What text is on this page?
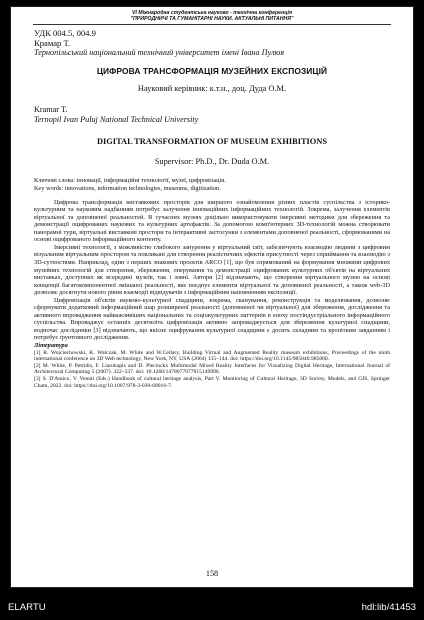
VІ Міжнародна студентська науково - технічна конференція
"ПРИРОДНИЧІ ТА ГУМАНІТАРНІ НАУКИ. АКТУАЛЬНІ ПИТАННЯ"
УДК 004.5, 004.9
Крамар Т.
Тернопільський національний технічний університет імені Івана Пулюя
ЦИФРОВА ТРАНСФОРМАЦІЯ МУЗЕЙНИХ ЕКСПОЗИЦІЙ
Науковий керівник: к.т.н., доц. Дуда О.М.
Kramar T.
Ternopil Ivan Puluj National Technical University
DIGITAL TRANSFORMATION OF MUSEUM EXHIBITIONS
Supervisor: Ph.D., Dr. Duda O.M.
Ключові слова: інновації, інформаційні технології, музеї, цифровізація.
Key words: innovations, information technologies, museums, digitization.

Цифрова трансформація виставкових просторів для ширшого ознайомлення різних пластів суспільства з історико-культурним та науковим надбанням потребує залучення інноваційних інформаційних технологій. Зокрема, залучення елементів віртуальної та доповненої реальностей. В сучасних музеях доцільно використовувати імерсивні методики для збереження та демонстрації оцифрованих наукових та культурних артефактів. За допомогою комп'ютерних 3D-технологій можна створювати панорамні тури, віртуальні виставкові простори та інтерактивні застосунки з елементами доповненої реальності, сформованими на основі оцифрованого інформаційного контенту.

Імерсивні технології, з можливістю глибокого занурення у віртуальний світ, забезпечують взаємодію людини з цифровим візуальним віртуальним простором та покликані для створення реалістичних ефектів присутності через сприймання та взаємодію з 3D-сутностями. Наприклад, один з перших знакових проєктів ARCO [1], що був спрямований на формування множини цифрових музейних технологій для створення, збереження, оперування та демонстрації оцифрованих культурних об'єктів на віртуальних виставках, доступних як всередині музеїв, так і зовні. Автори [2] відзначають, що створення віртуального музею на основі концепції багатокомпонентної змішаної реальності, яке поєднує елементи віртуальної та доповненої реальності, а також web-3D дозволяє досягнути нового рівня взаємодії відвідувачів з інформаційним наповненням експозиції.

Цифровізація об'єктів науково-культурної спадщини, зокрема, сканування, реконструкція та моделювання, дозволяє сформувати додатковий інформаційний шар розширеної реальності (доповненої чи віртуальної) для збереження, дослідження та активного впровадження найважливіших національних та соціокультурних паттернів в епоху постіндустріального інформаційного суспільства. Впроваджує останніх десятиліть цифровізація активно запроваджується для збереження культурної спадщини, водночас дослідники [3] відзначають, що якісне оцифрування культурної спадщини є досить складним та кропітким завданням і потребує ґрунтовного дослідження.

Література

[1] R. Wojciechowski, K. Walczak, M. White and W.Cellary, Building Virtual and Augmented Reality museum exhibitions, Proceedings of the ninth international conference on 3D Web technology, New York, NY, USA (2004) 135–144. doi: https://doi.org/10.1145/985040.985060.

[2] M. White, P. Petridis, F. Liarokapis and D. Plecinckx Multimodal Mixed Reality Interfaces for Visualizing Digital Heritage, International Journal of Architectural Computing 5 (2007). 322–337. doi: 10.1260/1478077077815149996.

[3] S. D'Amico, V. Venuti (Eds.) Handbook of cultural heritage analysis, Part V. Monitoring of Cultural Heritage, 3D Survey, Models, and GIS, Springer Cham, 2022. doi: https://doi.org/10.1007/978-3-030-60016-7.

158
ELARTU	hdl:lib/41453
